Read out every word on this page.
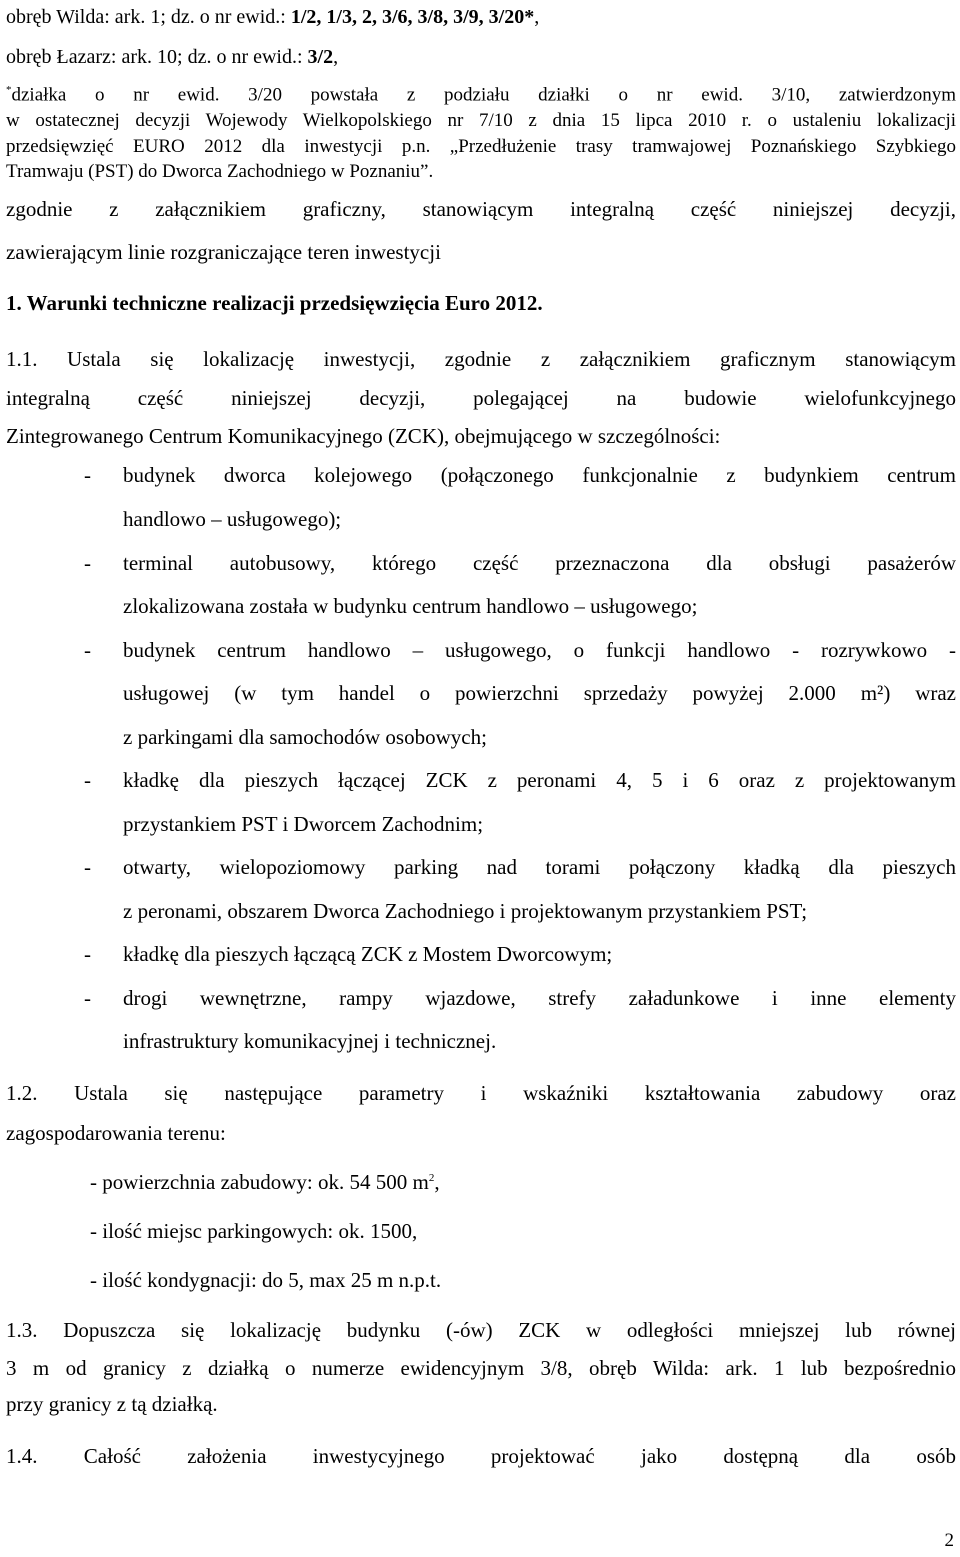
obręb Wilda: ark. 1; dz. o nr ewid.: 1/2, 1/3, 2, 3/6, 3/8, 3/9, 3/20*,
obręb Łazarz: ark. 10; dz. o nr ewid.: 3/2,
*działka o nr ewid. 3/20 powstała z podziału działki o nr ewid. 3/10, zatwierdzonym
w ostatecznej decyzji Wojewody Wielkopolskiego nr 7/10 z dnia 15 lipca 2010 r. o ustaleniu lokalizacji
przedsięwzięć EURO 2012 dla inwestycji p.n. „Przedłużenie trasy tramwajowej Poznańskiego Szybkiego
Tramwaju (PST) do Dworca Zachodniego w Poznaniu”.
zgodnie z załącznikiem graficzny, stanowiącym integralną część niniejszej decyzji,
zawierającym linie rozgraniczające teren inwestycji
1. Warunki techniczne realizacji przedsięwzięcia Euro 2012.
1.1. Ustala się lokalizację inwestycji, zgodnie z załącznikiem graficznym stanowiącym
integralną część niniejszej decyzji, polegającej na budowie wielofunkcyjnego
Zintegrowanego Centrum Komunikacyjnego (ZCK), obejmującego w szczególności:
- budynek dworca kolejowego (połączonego funkcjonalnie z budynkiem centrum
handlowo – usługowego);
- terminal autobusowy, którego część przeznaczona dla obsługi pasażerów
zlokalizowana została w budynku centrum handlowo – usługowego;
- budynek centrum handlowo – usługowego, o funkcji handlowo - rozrywkowo -
usługowej (w tym handel o powierzchni sprzedaży powyżej 2.000 m²) wraz
z parkingami dla samochodów osobowych;
- kładkę dla pieszych łączącej ZCK z peronami 4, 5 i 6 oraz z projektowanym
przystankiem PST i Dworcem Zachodnim;
- otwarty, wielopoziomowy parking nad torami połączony kładką dla pieszych
z peronami, obszarem Dworca Zachodniego i projektowanym przystankiem PST;
- kładkę dla pieszych łączącą ZCK z Mostem Dworcowym;
- drogi wewnętrzne, rampy wjazdowe, strefy załadunkowe i inne elementy
infrastruktury komunikacyjnej i technicznej.
1.2. Ustala się następujące parametry i wskaźniki kształtowania zabudowy oraz
zagospodarowania terenu:
- powierzchnia zabudowy: ok. 54 500 $m^2$,
- ilość miejsc parkingowych: ok. 1500,
- ilość kondygnacji: do 5, max 25 m n.p.t.
1.3. Dopuszcza się lokalizację budynku (-ów) ZCK w odległości mniejszej lub równej
3 m od granicy z działką o numerze ewidencyjnym 3/8, obręb Wilda: ark. 1 lub bezpośrednio
przy granicy z tą działką.
1.4. Całość założenia inwestycyjnego projektować jako dostępną dla osób
2
